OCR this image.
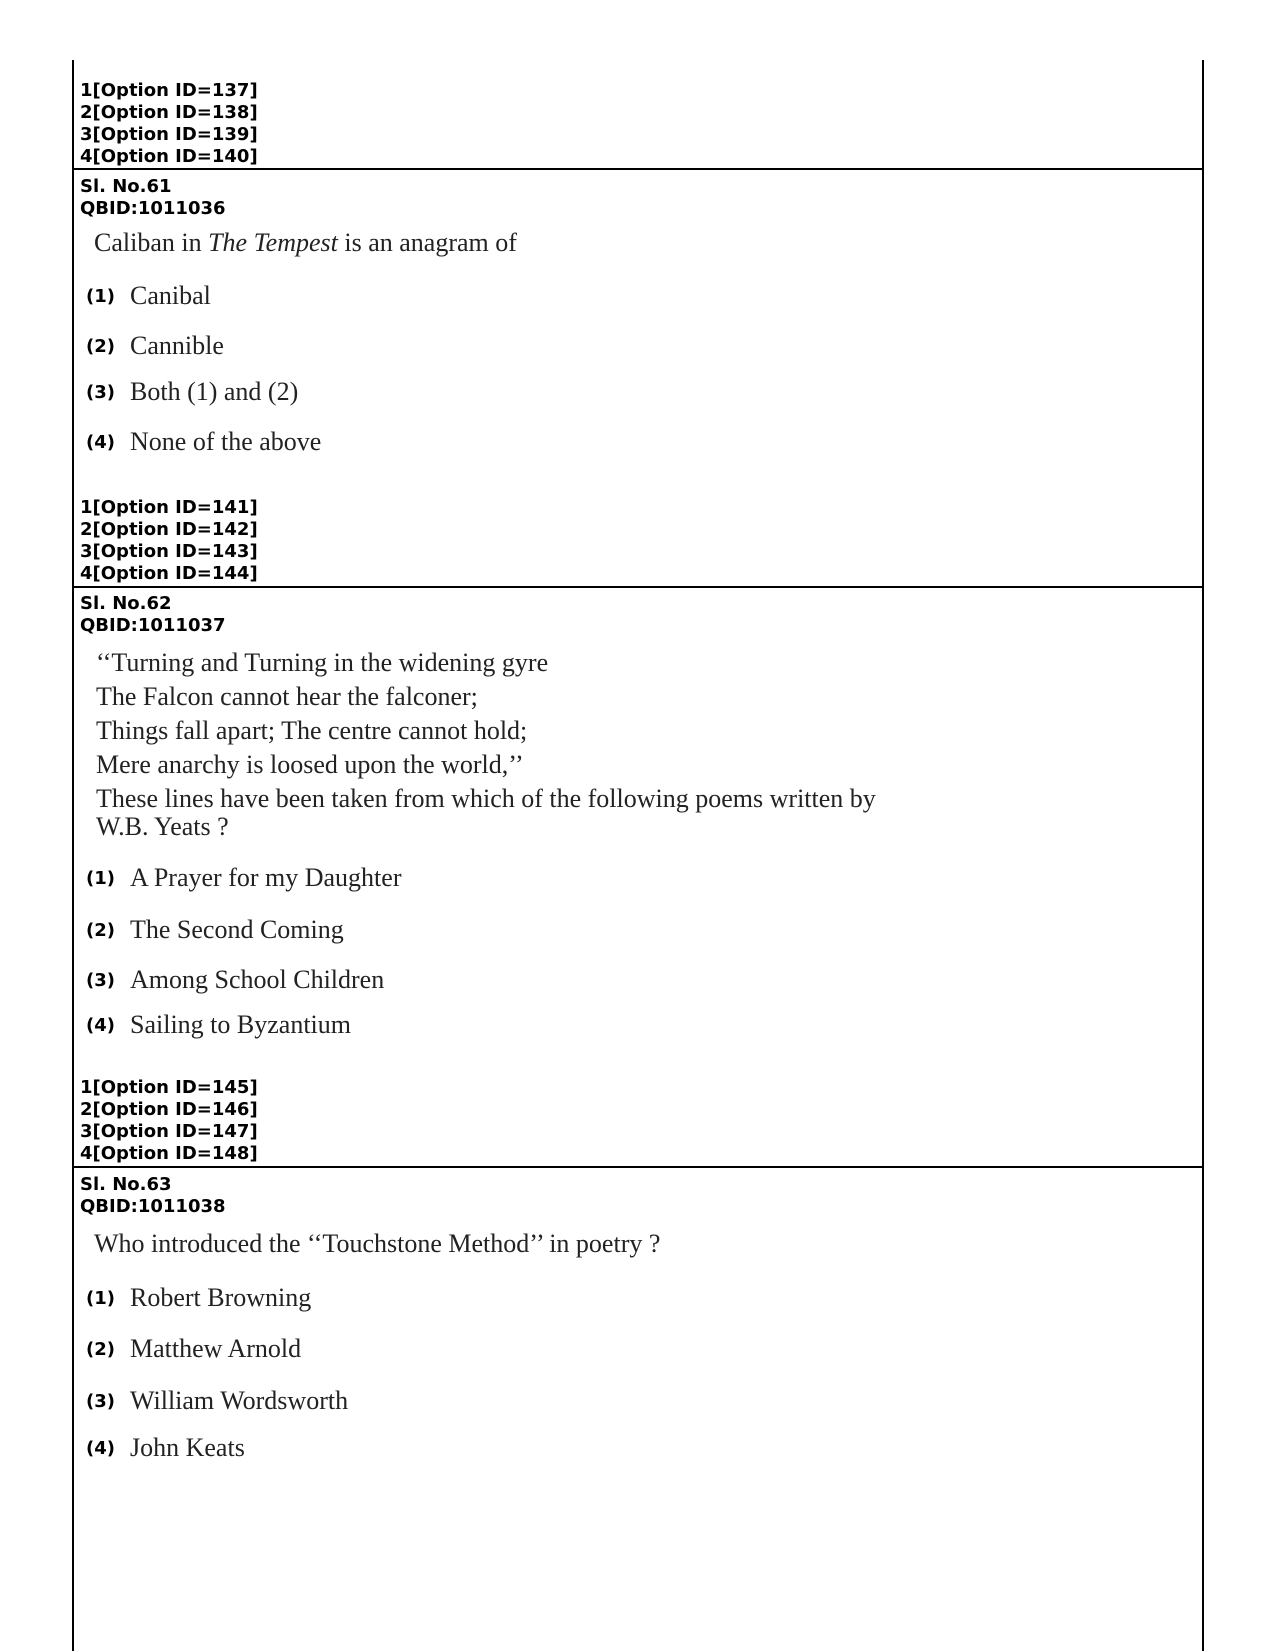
1[Option ID=137]
2[Option ID=138]
3[Option ID=139]
4[Option ID=140]
Sl. No.61
QBID:1011036
Caliban in The Tempest is an anagram of
(1) Canibal
(2) Cannible
(3) Both (1) and (2)
(4) None of the above
1[Option ID=141]
2[Option ID=142]
3[Option ID=143]
4[Option ID=144]
Sl. No.62
QBID:1011037
‘‘Turning and Turning in the widening gyre
The Falcon cannot hear the falconer;
Things fall apart; The centre cannot hold;
Mere anarchy is loosed upon the world,’’
These lines have been taken from which of the following poems written by
W.B. Yeats ?
(1) A Prayer for my Daughter
(2) The Second Coming
(3) Among School Children
(4) Sailing to Byzantium
1[Option ID=145]
2[Option ID=146]
3[Option ID=147]
4[Option ID=148]
Sl. No.63
QBID:1011038
Who introduced the ‘‘Touchstone Method’’ in poetry ?
(1) Robert Browning
(2) Matthew Arnold
(3) William Wordsworth
(4) John Keats
